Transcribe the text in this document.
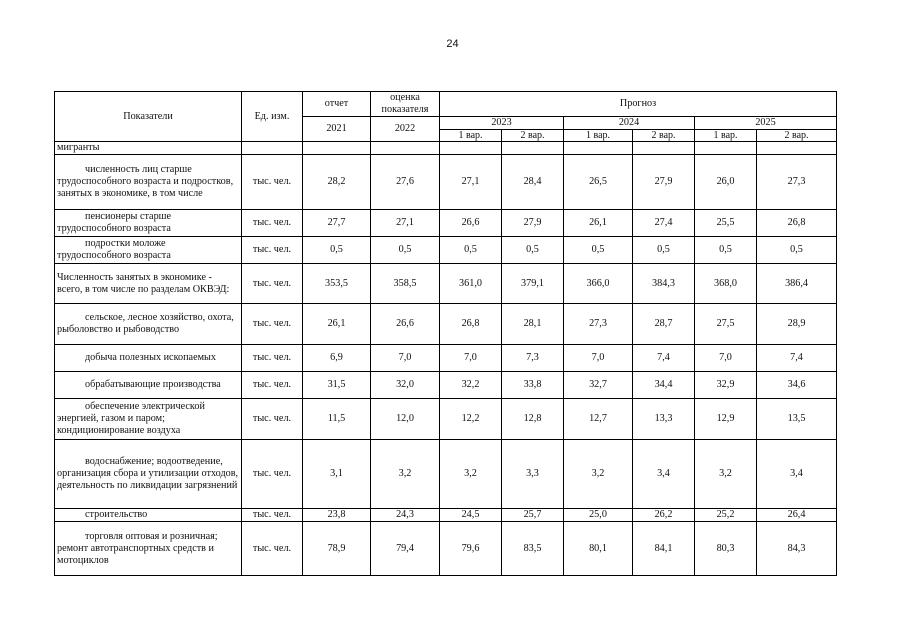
24
Показатели	Ед. изм.	отчет	оценка показателя	Прогноз					
		2021	2022	2023		2024		2025	
				1 вар.	2 вар.	1 вар.	2 вар.	1 вар.	2 вар.
мигранты									
численность лиц старше трудоспособного возраста и подростков, занятых в экономике, в том числе	тыс. чел.	28,2	27,6	27,1	28,4	26,5	27,9	26,0	27,3
пенсионеры старше трудоспособного возраста	тыс. чел.	27,7	27,1	26,6	27,9	26,1	27,4	25,5	26,8
подростки моложе трудоспособного возраста	тыс. чел.	0,5	0,5	0,5	0,5	0,5	0,5	0,5	0,5
Численность занятых в экономике - всего, в том числе по разделам ОКВЭД:	тыс. чел.	353,5	358,5	361,0	379,1	366,0	384,3	368,0	386,4
сельское, лесное хозяйство, охота, рыболовство и рыбоводство	тыс. чел.	26,1	26,6	26,8	28,1	27,3	28,7	27,5	28,9
добыча полезных ископаемых	тыс. чел.	6,9	7,0	7,0	7,3	7,0	7,4	7,0	7,4
обрабатывающие производства	тыс. чел.	31,5	32,0	32,2	33,8	32,7	34,4	32,9	34,6
обеспечение электрической энергией, газом и паром; кондиционирование воздуха	тыс. чел.	11,5	12,0	12,2	12,8	12,7	13,3	12,9	13,5
водоснабжение; водоотведение, организация сбора и утилизации отходов, деятельность по ликвидации загрязнений	тыс. чел.	3,1	3,2	3,2	3,3	3,2	3,4	3,2	3,4
строительство	тыс. чел.	23,8	24,3	24,5	25,7	25,0	26,2	25,2	26,4
торговля оптовая и розничная; ремонт автотранспортных средств и мотоциклов	тыс. чел.	78,9	79,4	79,6	83,5	80,1	84,1	80,3	84,3
